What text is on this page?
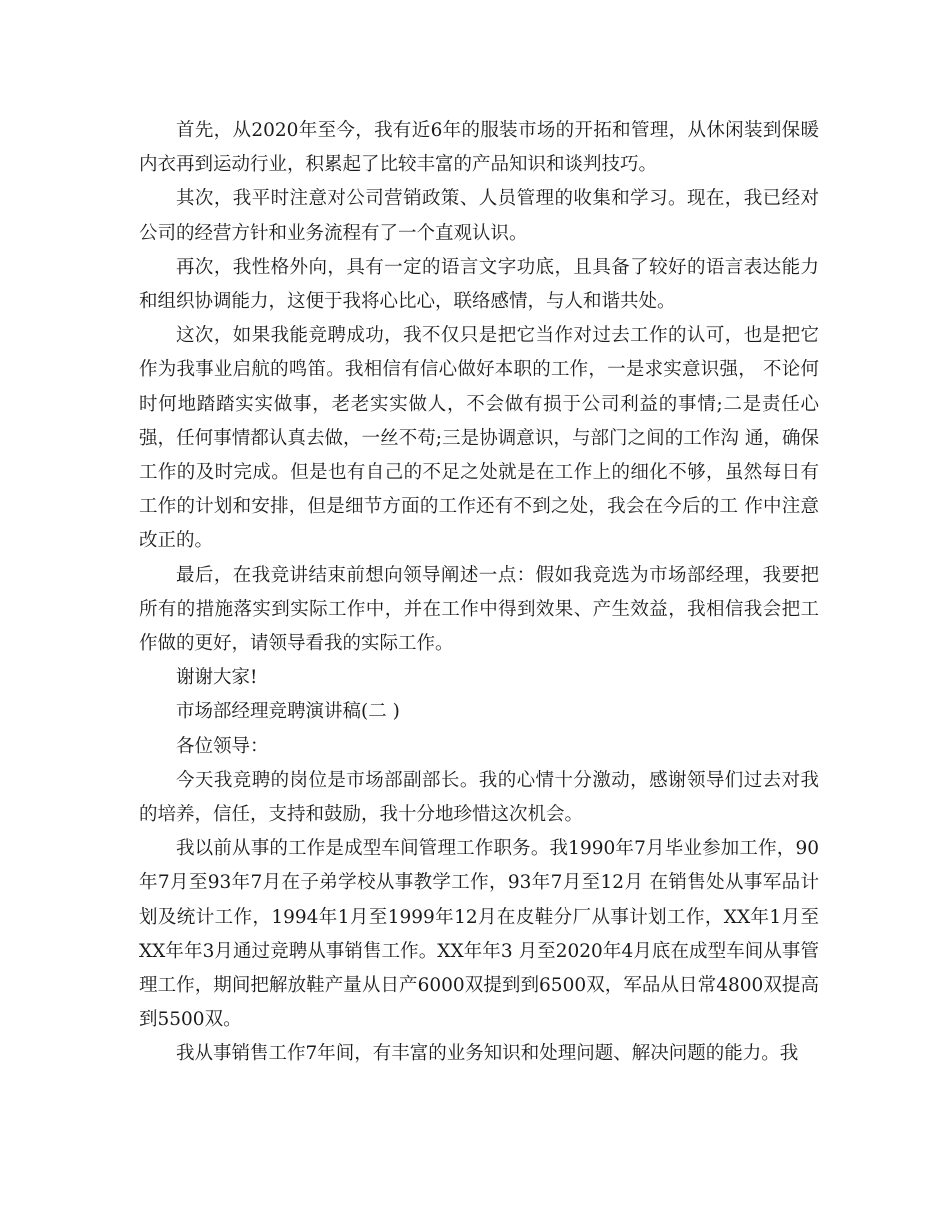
首先，从2020年至今，我有近6年的服装市场的开拓和管理，从休闲装到保暖内衣再到运动行业，积累起了比较丰富的产品知识和谈判技巧。

其次，我平时注意对公司营销政策、人员管理的收集和学习。现在，我已经对公司的经营方针和业务流程有了一个直观认识。

再次，我性格外向，具有一定的语言文字功底，且具备了较好的语言表达能力和组织协调能力，这便于我将心比心，联络感情，与人和谐共处。

这次，如果我能竞聘成功，我不仅只是把它当作对过去工作的认可，也是把它作为我事业启航的鸣笛。我相信有信心做好本职的工作，一是求实意识强， 不论何时何地踏踏实实做事，老老实实做人，不会做有损于公司利益的事情;二是责任心强，任何事情都认真去做，一丝不苟;三是协调意识，与部门之间的工作沟 通，确保工作的及时完成。但是也有自己的不足之处就是在工作上的细化不够，虽然每日有工作的计划和安排，但是细节方面的工作还有不到之处，我会在今后的工 作中注意改正的。

最后，在我竞讲结束前想向领导阐述一点：假如我竞选为市场部经理，我要把所有的措施落实到实际工作中，并在工作中得到效果、产生效益，我相信我会把工作做的更好，请领导看我的实际工作。

谢谢大家!

市场部经理竞聘演讲稿(二 )

各位领导：

今天我竞聘的岗位是市场部副部长。我的心情十分激动，感谢领导们过去对我的培养，信任，支持和鼓励，我十分地珍惜这次机会。

我以前从事的工作是成型车间管理工作职务。我1990年7月毕业参加工作，90年7月至93年7月在子弟学校从事教学工作，93年7月至12月 在销售处从事军品计划及统计工作，1994年1月至1999年12月在皮鞋分厂从事计划工作，XX年1月至XX年年3月通过竞聘从事销售工作。XX年年3 月至2020年4月底在成型车间从事管理工作，期间把解放鞋产量从日产6000双提到到6500双，军品从日常4800双提高到5500双。

我从事销售工作7年间，有丰富的业务知识和处理问题、解决问题的能力。我
